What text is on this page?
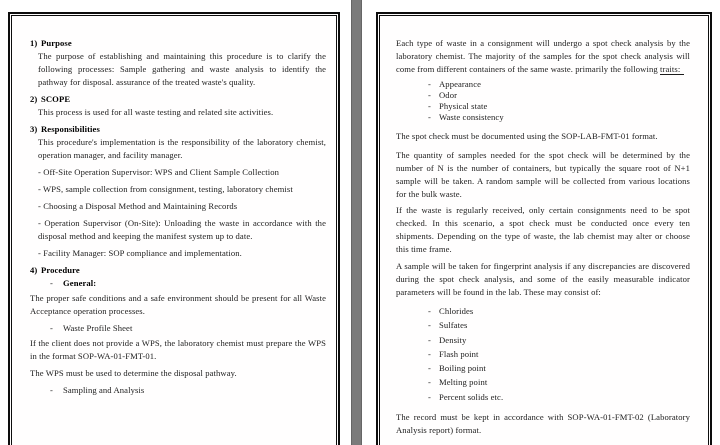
1) Purpose

The purpose of establishing and maintaining this procedure is to clarify the following processes: Sample gathering and waste analysis to identify the pathway for disposal. assurance of the treated waste's quality.

2) SCOPE

This process is used for all waste testing and related site activities.

3) Responsibilities

This procedure's implementation is the responsibility of the laboratory chemist, operation manager, and facility manager.

- Off-Site Operation Supervisor: WPS and Client Sample Collection

- WPS, sample collection from consignment, testing, laboratory chemist

- Choosing a Disposal Method and Maintaining Records

- Operation Supervisor (On-Site): Unloading the waste in accordance with the disposal method and keeping the manifest system up to date.

- Facility Manager: SOP compliance and implementation.

4) Procedure

- General:

The proper safe conditions and a safe environment should be present for all Waste Acceptance operation processes.

- Waste Profile Sheet

If the client does not provide a WPS, the laboratory chemist must prepare the WPS in the format SOP-WA-01-FMT-01.

The WPS must be used to determine the disposal pathway.

- Sampling and Analysis

Each type of waste in a consignment will undergo a spot check analysis by the laboratory chemist. The majority of the samples for the spot check analysis will come from different containers of the same waste. primarily the following traits:

- Appearance
- Odor
- Physical state
- Waste consistency

The spot check must be documented using the SOP-LAB-FMT-01 format.

The quantity of samples needed for the spot check will be determined by the number of N is the number of containers, but typically the square root of N+1 sample will be taken. A random sample will be collected from various locations for the bulk waste.

If the waste is regularly received, only certain consignments need to be spot checked. In this scenario, a spot check must be conducted once every ten shipments. Depending on the type of waste, the lab chemist may alter or choose this time frame.

A sample will be taken for fingerprint analysis if any discrepancies are discovered during the spot check analysis, and some of the easily measurable indicator parameters will be found in the lab. These may consist of:

- Chlorides
- Sulfates
- Density
- Flash point
- Boiling point
- Melting point
- Percent solids etc.

The record must be kept in accordance with SOP-WA-01-FMT-02 (Laboratory Analysis report) format.
